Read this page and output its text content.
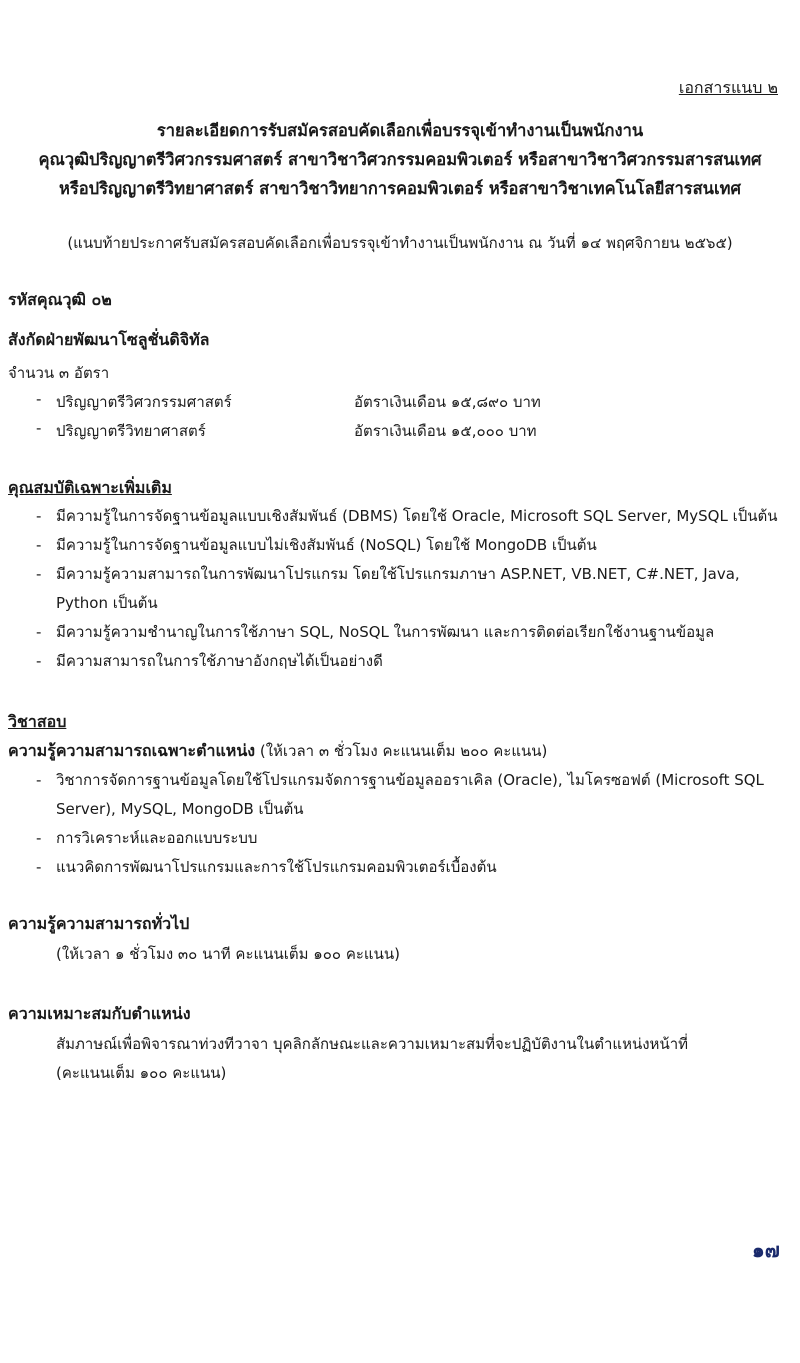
เอกสารแนบ ๒
รายละเอียดการรับสมัครสอบคัดเลือกเพื่อบรรจุเข้าทำงานเป็นพนักงาน
คุณวุฒิปริญญาตรีวิศวกรรมศาสตร์ สาขาวิชาวิศวกรรมคอมพิวเตอร์ หรือสาขาวิชาวิศวกรรมสารสนเทศ
หรือปริญญาตรีวิทยาศาสตร์ สาขาวิชาวิทยาการคอมพิวเตอร์ หรือสาขาวิชาเทคโนโลยีสารสนเทศ
(แนบท้ายประกาศรับสมัครสอบคัดเลือกเพื่อบรรจุเข้าทำงานเป็นพนักงาน ณ วันที่ ๑๔ พฤศจิกายน ๒๕๖๕)
รหัสคุณวุฒิ ๐๒
สังกัดฝ่ายพัฒนาโซลูชั่นดิจิทัล
จำนวน ๓ อัตรา
- ปริญญาตรีวิศวกรรมศาสตร์	อัตราเงินเดือน ๑๕,๘๙๐ บาท
- ปริญญาตรีวิทยาศาสตร์	อัตราเงินเดือน ๑๕,๐๐๐ บาท
คุณสมบัติเฉพาะเพิ่มเติม
- มีความรู้ในการจัดฐานข้อมูลแบบเชิงสัมพันธ์ (DBMS) โดยใช้ Oracle, Microsoft SQL Server, MySQL เป็นต้น
- มีความรู้ในการจัดฐานข้อมูลแบบไม่เชิงสัมพันธ์ (NoSQL) โดยใช้ MongoDB เป็นต้น
- มีความรู้ความสามารถในการพัฒนาโปรแกรม โดยใช้โปรแกรมภาษา ASP.NET, VB.NET, C#.NET, Java,
Python เป็นต้น
- มีความรู้ความชำนาญในการใช้ภาษา SQL, NoSQL ในการพัฒนา และการติดต่อเรียกใช้งานฐานข้อมูล
- มีความสามารถในการใช้ภาษาอังกฤษได้เป็นอย่างดี
วิชาสอบ
ความรู้ความสามารถเฉพาะตำแหน่ง (ให้เวลา ๓ ชั่วโมง คะแนนเต็ม ๒๐๐ คะแนน)
- วิชาการจัดการฐานข้อมูลโดยใช้โปรแกรมจัดการฐานข้อมูลออราเคิล (Oracle), ไมโครซอฟต์ (Microsoft SQL
Server), MySQL, MongoDB เป็นต้น
- การวิเคราะห์และออกแบบระบบ
- แนวคิดการพัฒนาโปรแกรมและการใช้โปรแกรมคอมพิวเตอร์เบื้องต้น
ความรู้ความสามารถทั่วไป
(ให้เวลา ๑ ชั่วโมง ๓๐ นาที คะแนนเต็ม ๑๐๐ คะแนน)
ความเหมาะสมกับตำแหน่ง
สัมภาษณ์เพื่อพิจารณาท่วงทีวาจา บุคลิกลักษณะและความเหมาะสมที่จะปฏิบัติงานในตำแหน่งหน้าที่
(คะแนนเต็ม ๑๐๐ คะแนน)
๑๗
